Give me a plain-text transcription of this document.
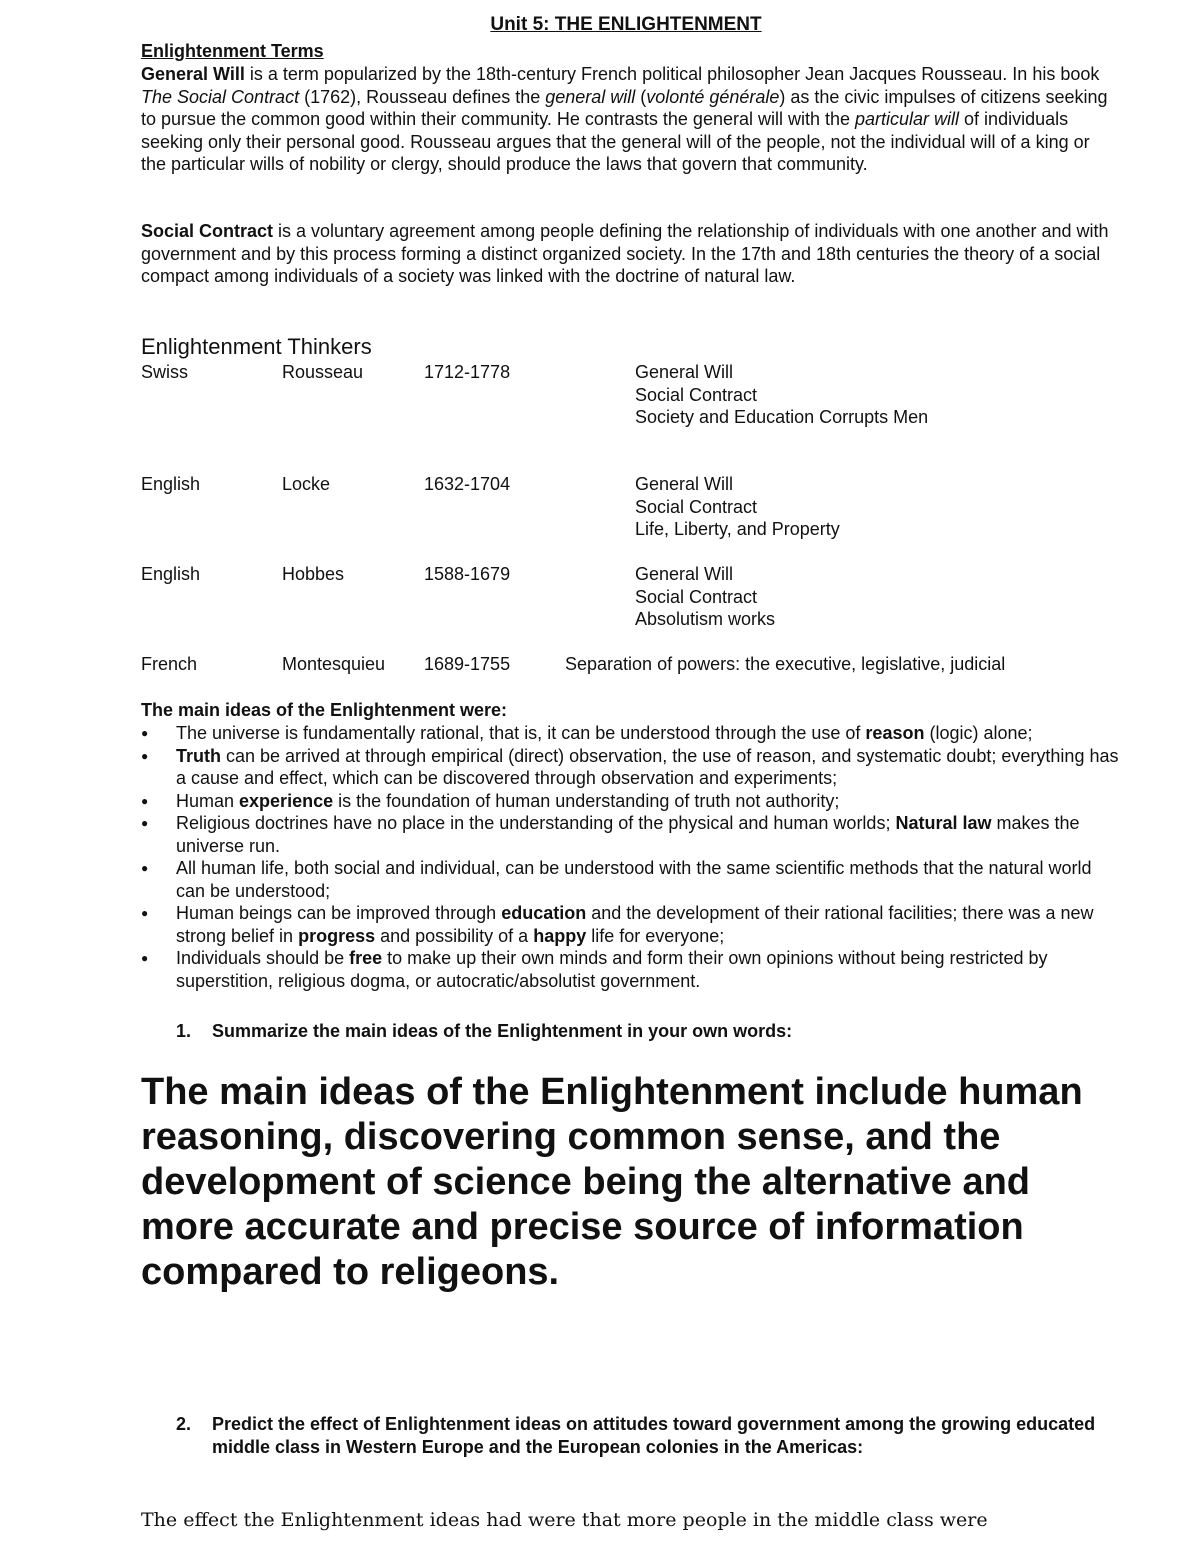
Unit 5: THE ENLIGHTENMENT
Enlightenment Terms

General Will is a term popularized by the 18th-century French political philosopher Jean Jacques Rousseau. In his book The Social Contract (1762), Rousseau defines the general will (volonté générale) as the civic impulses of citizens seeking to pursue the common good within their community. He contrasts the general will with the particular will of individuals seeking only their personal good. Rousseau argues that the general will of the people, not the individual will of a king or the particular wills of nobility or clergy, should produce the laws that govern that community.

Social Contract is a voluntary agreement among people defining the relationship of individuals with one another and with government and by this process forming a distinct organized society. In the 17th and 18th centuries the theory of a social compact among individuals of a society was linked with the doctrine of natural law.

Enlightenment Thinkers
Swiss	Rousseau	1712-1778	General Will
Social Contract
Society and Education Corrupts Men
English	Locke	1632-1704	General Will
Social Contract
Life, Liberty, and Property
English	Hobbes	1588-1679	General Will
Social Contract
Absolutism works
French	Montesquieu 1689-1755	Separation of powers: the executive, legislative, judicial
The main ideas of the Enlightenment were:
● The universe is fundamentally rational, that is, it can be understood through the use of reason (logic) alone;
● Truth can be arrived at through empirical (direct) observation, the use of reason, and systematic doubt; everything has a cause and effect, which can be discovered through observation and experiments;
● Human experience is the foundation of human understanding of truth not authority;
● Religious doctrines have no place in the understanding of the physical and human worlds; Natural law makes the universe run.
● All human life, both social and individual, can be understood with the same scientific methods that the natural world can be understood;
● Human beings can be improved through education and the development of their rational facilities; there was a new strong belief in progress and possibility of a happy life for everyone;
● Individuals should be free to make up their own minds and form their own opinions without being restricted by superstition, religious dogma, or autocratic/absolutist government.
1.	Summarize the main ideas of the Enlightenment in your own words:
The main ideas of the Enlightenment include human reasoning, discovering common sense, and the development of science being the alternative and more accurate and precise source of information compared to religeons.
2.	Predict the effect of Enlightenment ideas on attitudes toward government among the growing educated middle class in Western Europe and the European colonies in the Americas:
The effect the Enlightenment ideas had were that more people in the middle class were
